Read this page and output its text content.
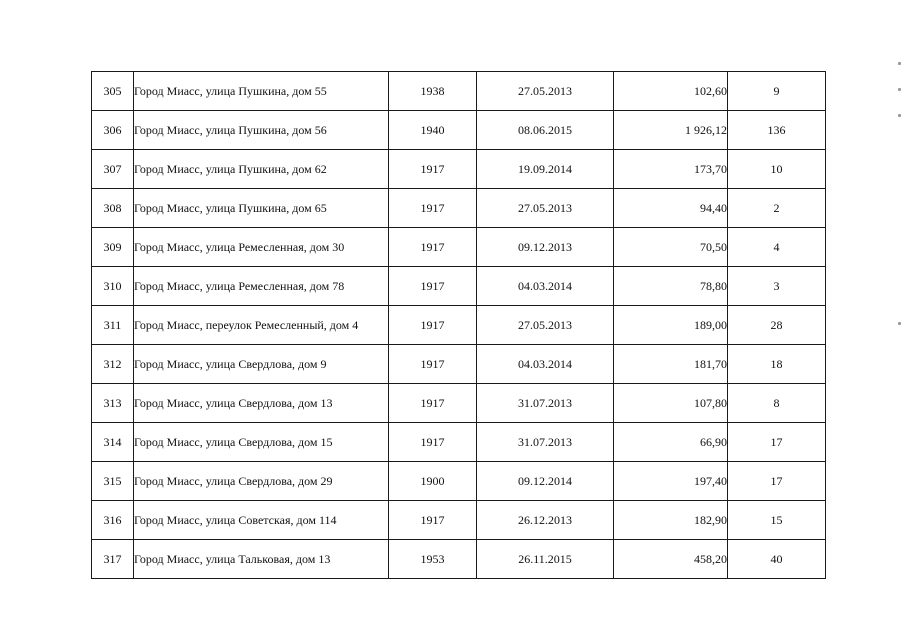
305	Город Миасс, улица Пушкина, дом 55	1938	27.05.2013	102,60	9
306	Город Миасс, улица Пушкина, дом 56	1940	08.06.2015	1 926,12	136
307	Город Миасс, улица Пушкина, дом 62	1917	19.09.2014	173,70	10
308	Город Миасс, улица Пушкина, дом 65	1917	27.05.2013	94,40	2
309	Город Миасс, улица Ремесленная, дом 30	1917	09.12.2013	70,50	4
310	Город Миасс, улица Ремесленная, дом 78	1917	04.03.2014	78,80	3
311	Город Миасс, переулок Ремесленный, дом 4	1917	27.05.2013	189,00	28
312	Город Миасс, улица Свердлова, дом 9	1917	04.03.2014	181,70	18
313	Город Миасс, улица Свердлова, дом 13	1917	31.07.2013	107,80	8
314	Город Миасс, улица Свердлова, дом 15	1917	31.07.2013	66,90	17
315	Город Миасс, улица Свердлова, дом 29	1900	09.12.2014	197,40	17
316	Город Миасс, улица Советская, дом 114	1917	26.12.2013	182,90	15
317	Город Миасс, улица Тальковая, дом 13	1953	26.11.2015	458,20	40
